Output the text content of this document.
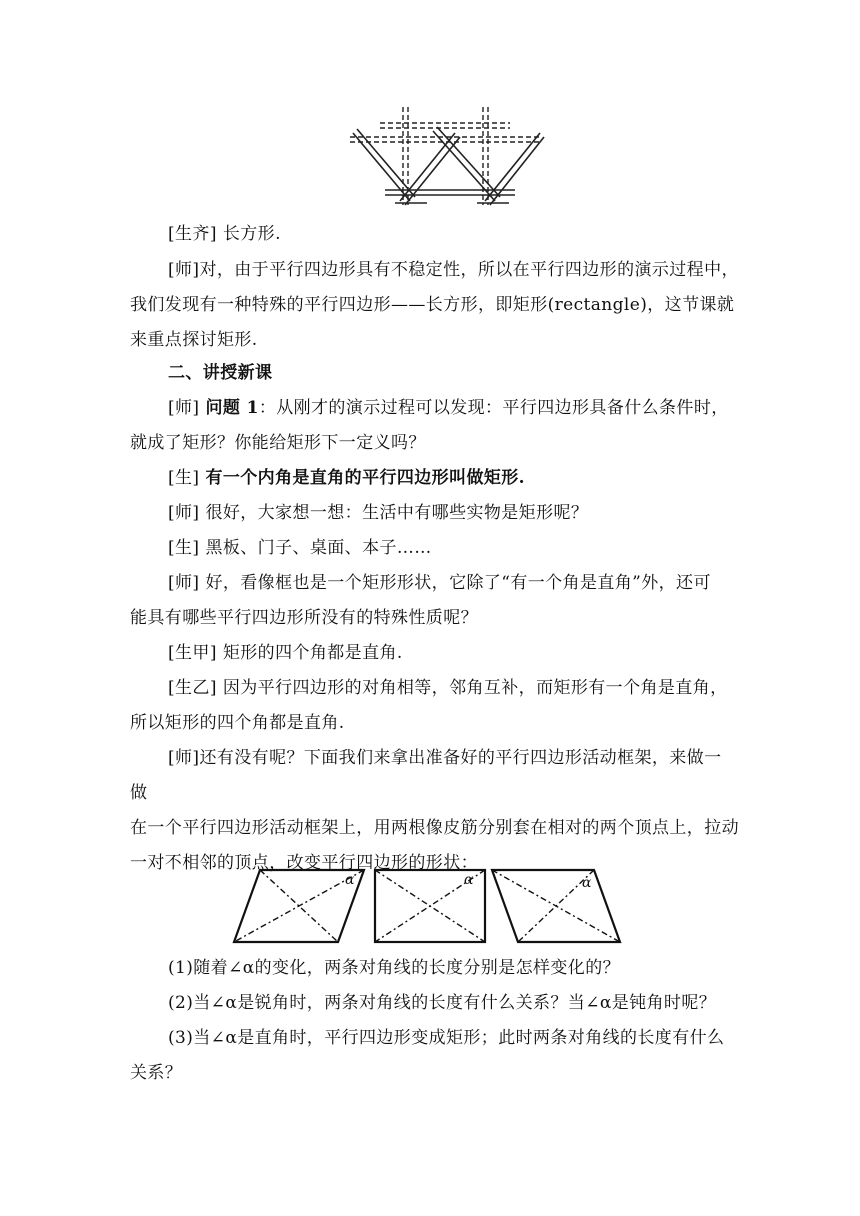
[生齐] 长方形.
[师]对，由于平行四边形具有不稳定性，所以在平行四边形的演示过程中，
我们发现有一种特殊的平行四边形——长方形，即矩形(rectangle)，这节课就
来重点探讨矩形.
二、讲授新课
[师] 问题 1：从刚才的演示过程可以发现：平行四边形具备什么条件时，
就成了矩形？你能给矩形下一定义吗？
[生] 有一个内角是直角的平行四边形叫做矩形.
[师] 很好，大家想一想：生活中有哪些实物是矩形呢？
[生] 黑板、门子、桌面、本子……
[师] 好，看像框也是一个矩形形状，它除了“有一个角是直角”外，还可
能具有哪些平行四边形所没有的特殊性质呢？
[生甲] 矩形的四个角都是直角.
[生乙] 因为平行四边形的对角相等，邻角互补，而矩形有一个角是直角，
所以矩形的四个角都是直角.
[师]还有没有呢？下面我们来拿出准备好的平行四边形活动框架，来做一
做
在一个平行四边形活动框架上，用两根像皮筋分别套在相对的两个顶点上，拉动
一对不相邻的顶点，改变平行四边形的形状：
α	α	α
(1)随着∠α的变化，两条对角线的长度分别是怎样变化的？
(2)当∠α是锐角时，两条对角线的长度有什么关系？当∠α是钝角时呢？
(3)当∠α是直角时，平行四边形变成矩形；此时两条对角线的长度有什么
关系？
